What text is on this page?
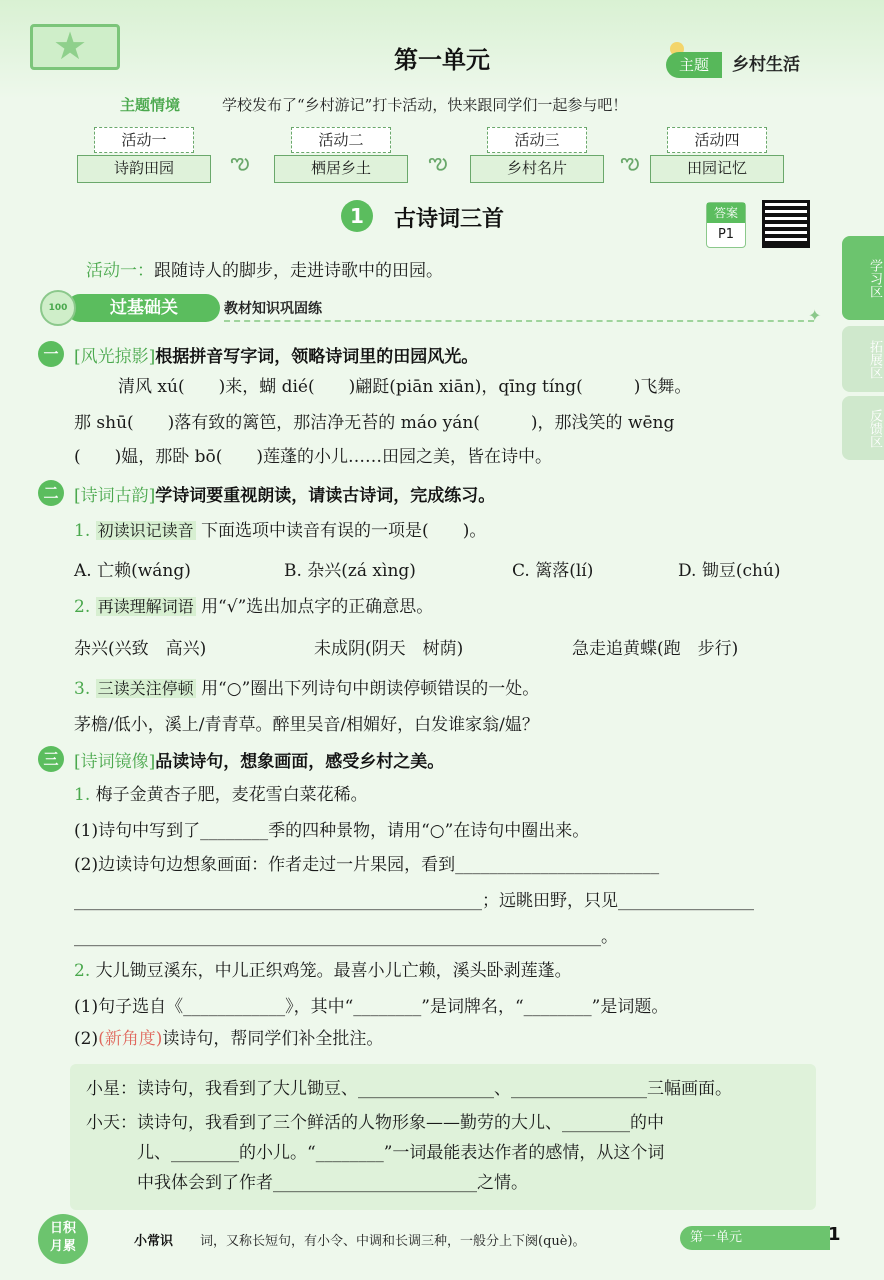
★	第一单元	主题	乡村生活
主题情境	学校发布了“乡村游记”打卡活动，快来跟同学们一起参与吧！
活动一
诗韵田园	ఌ
活动二
栖居乡土	ఌ
活动三
乡村名片	ఌ
活动四
田园记忆
1	古诗词三首	答案
P1
活动一：跟随诗人的脚步，走进诗歌中的田园。
过基础关
100	教材知识巩固练	✦
一 [风光掠影]根据拼音写字词，领略诗词里的田园风光。
清风 xú(　　)来，蝴 dié(　　)翩跹(piān xiān)，qīng tíng(　　　)飞舞。
那 shū(　　)落有致的篱笆，那洁净无苔的 máo yán(　　　)，那浅笑的 wēng
(　　)媪，那卧 bō(　　)莲蓬的小儿……田园之美，皆在诗中。
二 [诗词古韵]学诗词要重视朗读，请读古诗词，完成练习。
1. 初读识记读音 下面选项中读音有误的一项是(　　)。
A. 亡赖(wáng)	B. 杂兴(zá xìng)	C. 篱落(lí)	D. 锄豆(chú)
2. 再读理解词语 用“√”选出加点字的正确意思。
杂兴(兴致　高兴)	未成阴(阴天　树荫)	急走追黄蝶(跑　步行)
3. 三读关注停顿 用“○”圈出下列诗句中朗读停顿错误的一处。
茅檐/低小，溪上/青青草。醉里吴音/相媚好，白发谁家翁/媪？
三 [诗词镜像]品读诗句，想象画面，感受乡村之美。
1. 梅子金黄杏子肥，麦花雪白菜花稀。
(1)诗句中写到了________季的四种景物，请用“○”在诗句中圈出来。
(2)边读诗句边想象画面：作者走过一片果园，看到________________________
________________________________________________；远眺田野，只见________________
______________________________________________________________。
2. 大儿锄豆溪东，中儿正织鸡笼。最喜小儿亡赖，溪头卧剥莲蓬。
(1)句子选自《____________》，其中“________”是词牌名，“________”是词题。
(2)(新角度)读诗句，帮同学们补全批注。
小星：读诗句，我看到了大儿锄豆、________________、________________三幅画面。
小天：读诗句，我看到了三个鲜活的人物形象——勤劳的大儿、________的中
　　　儿、________的小儿。“________”一词最能表达作者的感情，从这个词
　　　中我体会到了作者________________________之情。
学习区
拓展区
反馈区
日积
月累	小常识 词，又称长短句，有小令、中调和长调三种，一般分上下阕(què)。	第一单元	1
